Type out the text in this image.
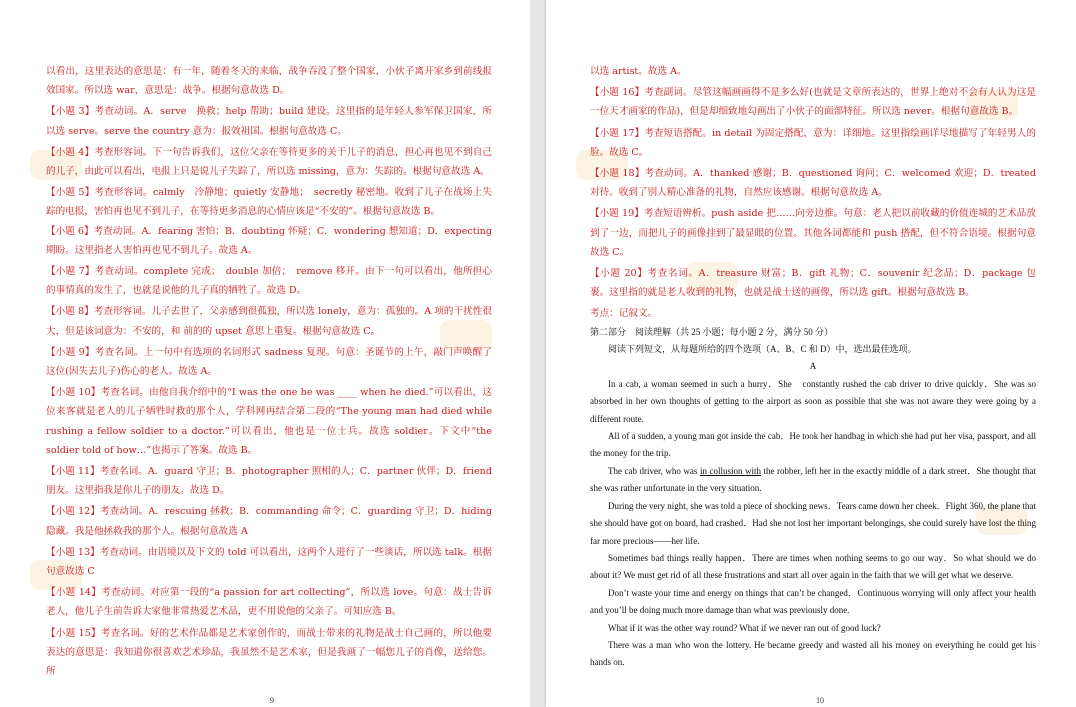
以看出，这里表达的意思是：有一年，随着冬天的来临，战争吞没了整个国家，小伙子离开家乡到前线报效国家。所以选 war，意思是：战争。根据句意故选 D。

【小题 3】考查动词。A．serve　换救；help 帮助；build 建设。这里指的是年轻人参军保卫国家，所以选 serve。serve the country 意为：报效祖国。根据句意故选 C。

【小题 4】考查形容词。下一句告诉我们，这位父亲在等待更多的关于儿子的消息，担心再也见不到自己的儿子，由此可以看出，电报上只是说儿子失踪了，所以选 missing，意为：失踪的。根据句意故选 A。

【小题 5】考查形容词。calmly　冷静地；quietly 安静地；　secretly 秘密地。收到了儿子在战场上失踪的电报，害怕再也见不到儿子，在等待更多消息的心情应该是“不安的”。根据句意故选 B。

【小题 6】考查动词。A．fearing 害怕；B．doubting 怀疑；C．wondering 想知道；D．expecting 期盼。这里指老人害怕再也见不到儿子。故选 A。

【小题 7】考查动词。complete 完成；　double 加倍；　remove 移开。由下一句可以看出，他所担心的事情真的发生了，也就是说他的儿子真的牺牲了。故选 D。

【小题 8】考查形容词。儿子去世了，父亲感到很孤独，所以选 lonely，意为：孤独的。A 项的干扰性很大，但是该词意为：不安的，和 前的的 upset 意思上重复。根据句意故选 C。

【小题 9】考查名词。上一句中有选项的名词形式 sadness 复现。句意：圣诞节的上午，敲门声唤醒了这位(因失去儿子)伤心的老人。故选 A。

【小题 10】考查名词。由他自我介绍中的“I was the one he was ____ when he died.”可以看出，这位来客就是老人的儿子牺牲时救的那个人，学科网再结合第二段的“The young man had died while rushing a fellow soldier to a doctor.”可以看出，他也是一位士兵。故选 soldier。下文中“the soldier told of how…”也揭示了答案。故选 B。

【小题 11】考查名词。A．guard 守卫；B．photographer 照相的人；C．partner 伙伴；D．friend 朋友。这里指我是你儿子的朋友。故选 D。

【小题 12】考查动词。A．rescuing 拯救；B．commanding 命令；C．guarding 守卫；D．hiding 隐藏。我是他拯救我的那个人。根据句意故选 A

【小题 13】考查动词。由语境以及下文的 told 可以看出，这两个人进行了一些谈话，所以选 talk。根据句意故选 C

【小题 14】考查动词。对应第一段的“a passion for art collecting”，所以选 love。句意：战士告诉老人，他儿子生前告诉大家他非常热爱艺术品，更不用说他的父亲了。可知应选 B。

【小题 15】考查名词。好的艺术作品都是艺术家创作的，而战士带来的礼物是战士自己画的，所以他要表达的意思是：我知道你很喜欢艺术珍品，我虽然不是艺术家，但是我画了一幅您儿子的肖像，送给您。所

9

以选 artist。故选 A。

【小题 16】考查副词。尽管这幅画画得不是多么好(也就是文章所表达的，世界上绝对不会有人认为这是一位天才画家的作品)，但是却细致地勾画出了小伙子的面部特征。所以选 never。根据句意故选 B。

【小题 17】考查短语搭配。in detail 为固定搭配，意为：详细地。这里指绘画详尽地描写了年轻男人的脸。故选 C。

【小题 18】考查动词。A．thanked 感谢；B．questioned 询问；C．welcomed 欢迎；D．treated 对待。收到了别人精心准备的礼物，自然应该感谢。根据句意故选 A。

【小题 19】考查短语辨析。push aside 把……向旁边推。句意：老人把以前收藏的价值连城的艺术品放到了一边，而把儿子的画像挂到了最显眼的位置。其他各词都能和 push 搭配，但不符合语境。根据句意故选 C。

【小题 20】考查名词。A．treasure 财富；B．gift 礼物；C．souvenir 纪念品；D．package 包裹。这里指的就是老人收到的礼物，也就是战士送的画像，所以选 gift。根据句意故选 B。

考点：记叙文。

第二部分　阅读理解（共 25 小题；每小题 2 分，满分 50 分）

阅读下列短文，从每题所给的四个选项（A、B、C 和 D）中，选出最佳选项。

A

In a cab, a woman seemed in such a hurry．She　constantly rushed the cab driver to drive quickly．She was so absorbed in her own thoughts of getting to the airport as soon as possible that she was not aware they were going by a different route.

All of a sudden, a young man got inside the cab．He took her handbag in which she had put her visa, passport, and all the money for the trip.

The cab driver, who was in collusion with the robber, left her in the exactly middle of a dark street．She thought that she was rather unfortunate in the very situation.

During the very night, she was told a piece of shocking news．Tears came down her cheek．Flight 360, the plane that she should have got on board, had crashed．Had she not lost her important belongings, she could surely have lost the thing far more precious——her life.

Sometimes bad things really happen．There are times when nothing seems to go our way．So what should we do about it? We must get rid of all these frustrations and start all over again in the faith that we will get what we deserve.

Don’t waste your time and energy on things that can’t be changed．Continuous worrying will only affect your health and you’ll be doing much more damage than what was previously done.

What if it was the other way round? What if we never ran out of good luck?

There was a man who won the lottery. He became greedy and wasted all his money on everything he could get his hands on.

10
